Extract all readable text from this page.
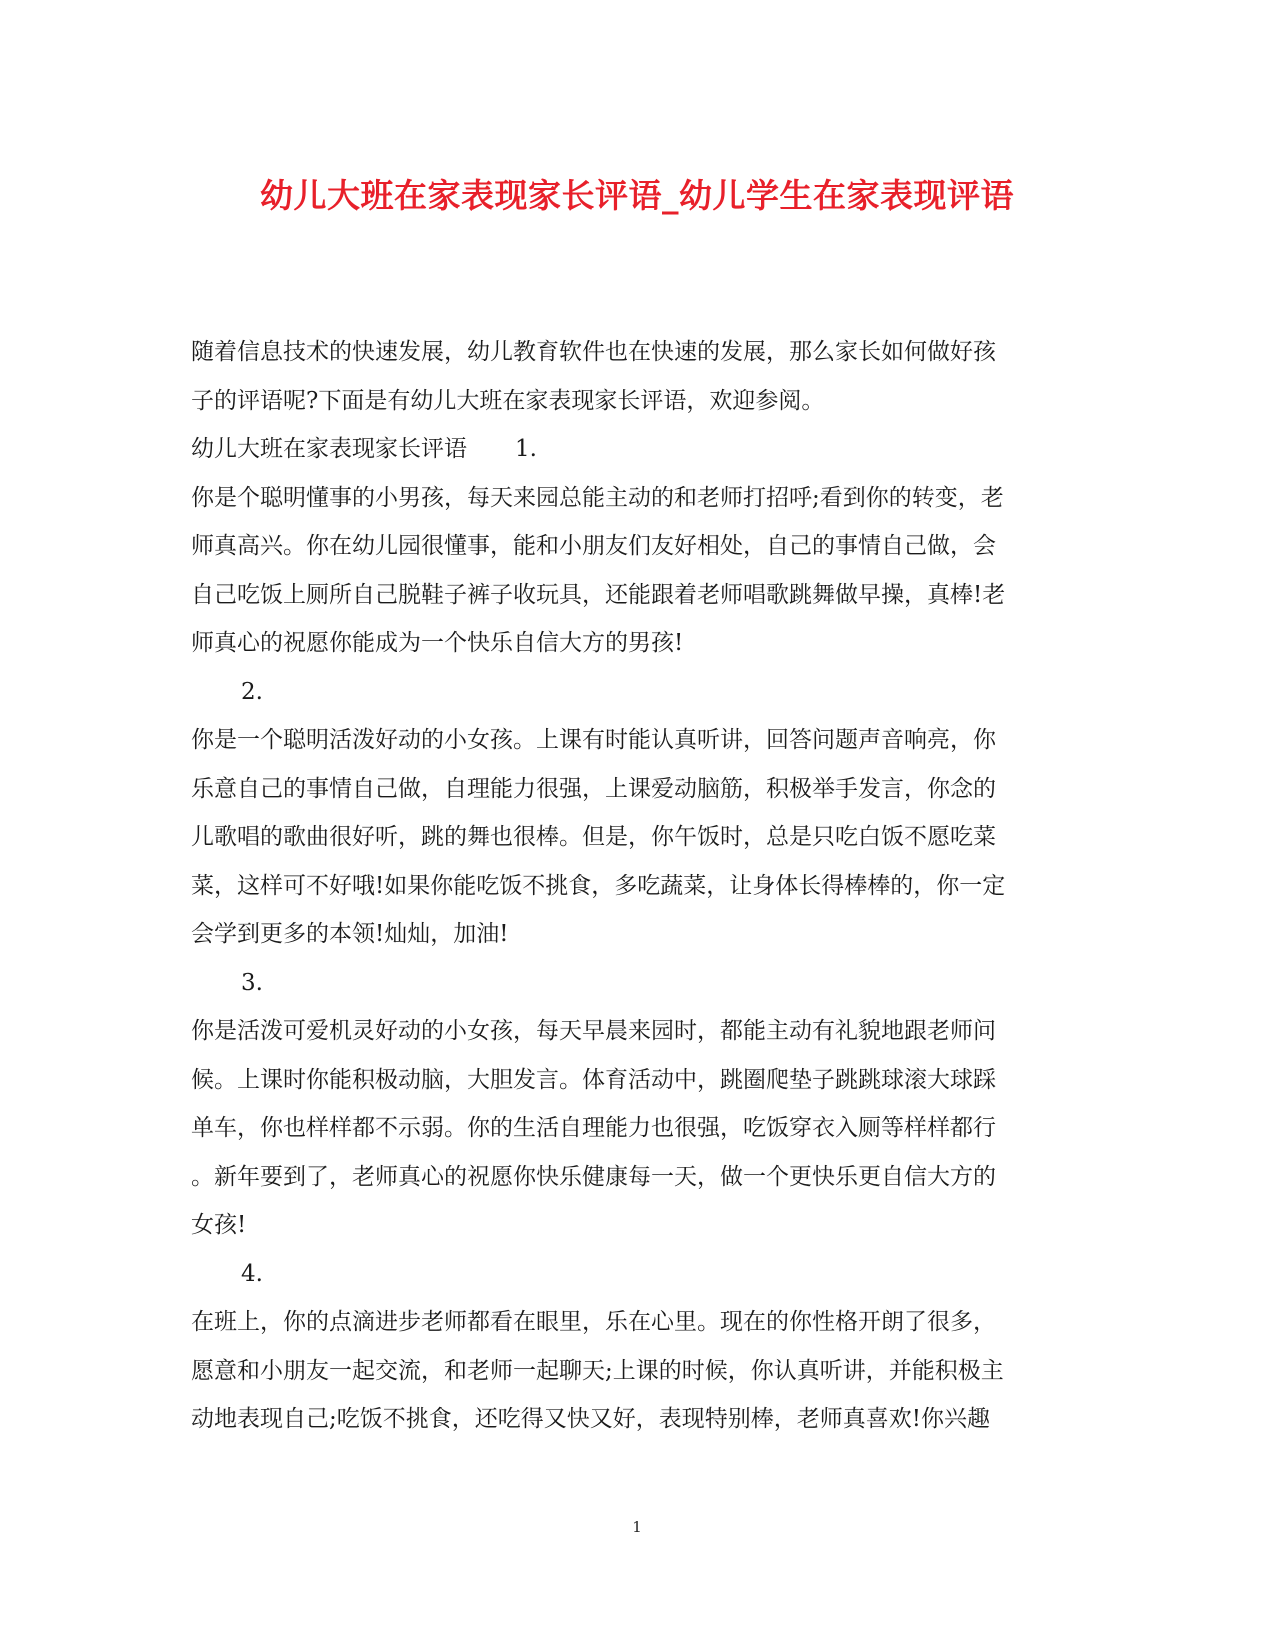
幼儿大班在家表现家长评语_幼儿学生在家表现评语
随着信息技术的快速发展，幼儿教育软件也在快速的发展，那么家长如何做好孩
子的评语呢?下面是有幼儿大班在家表现家长评语，欢迎参阅。
幼儿大班在家表现家长评语 1.
你是个聪明懂事的小男孩，每天来园总能主动的和老师打招呼;看到你的转变，老
师真高兴。你在幼儿园很懂事，能和小朋友们友好相处，自己的事情自己做，会
自己吃饭上厕所自己脱鞋子裤子收玩具，还能跟着老师唱歌跳舞做早操，真棒!老
师真心的祝愿你能成为一个快乐自信大方的男孩!
2.
你是一个聪明活泼好动的小女孩。上课有时能认真听讲，回答问题声音响亮，你
乐意自己的事情自己做，自理能力很强，上课爱动脑筋，积极举手发言，你念的
儿歌唱的歌曲很好听，跳的舞也很棒。但是，你午饭时，总是只吃白饭不愿吃菜
菜，这样可不好哦!如果你能吃饭不挑食，多吃蔬菜，让身体长得棒棒的，你一定
会学到更多的本领!灿灿，加油!
3.
你是活泼可爱机灵好动的小女孩，每天早晨来园时，都能主动有礼貌地跟老师问
候。上课时你能积极动脑，大胆发言。体育活动中，跳圈爬垫子跳跳球滚大球踩
单车，你也样样都不示弱。你的生活自理能力也很强，吃饭穿衣入厕等样样都行
。新年要到了，老师真心的祝愿你快乐健康每一天，做一个更快乐更自信大方的
女孩!
4.
在班上，你的点滴进步老师都看在眼里，乐在心里。现在的你性格开朗了很多，
愿意和小朋友一起交流，和老师一起聊天;上课的时候，你认真听讲，并能积极主
动地表现自己;吃饭不挑食，还吃得又快又好，表现特别棒，老师真喜欢!你兴趣
1
